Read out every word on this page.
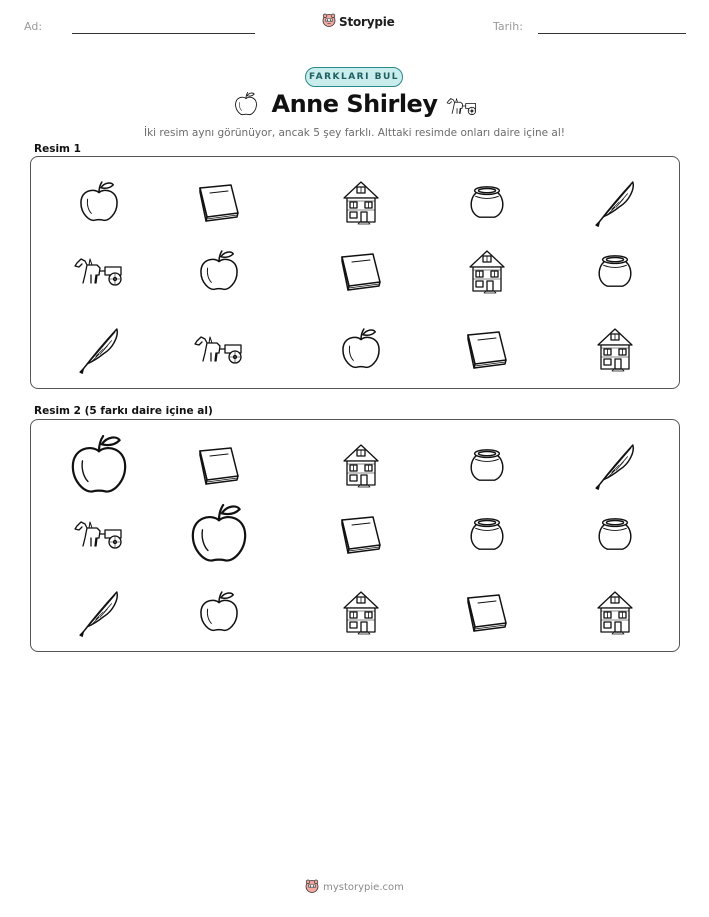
Ad:	Storypie	Tarih:
FARKLARI BUL
Anne Shirley
İki resim aynı görünüyor, ancak 5 şey farklı. Alttaki resimde onları daire içine al!
Resim 1
Resim 2 (5 farkı daire içine al)
mystorypie.com
